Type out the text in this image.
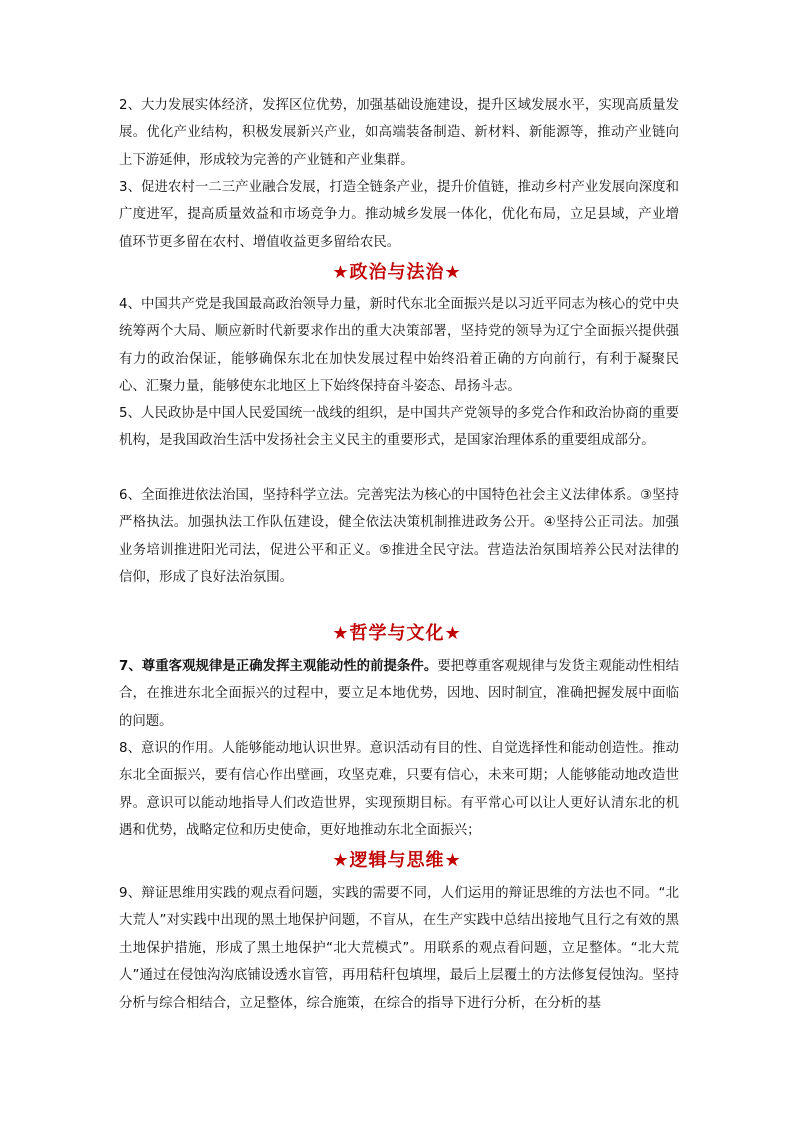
2、大力发展实体经济，发挥区位优势，加强基础设施建设，提升区域发展水平，实现高质量发展。优化产业结构，积极发展新兴产业，如高端装备制造、新材料、新能源等，推动产业链向上下游延伸，形成较为完善的产业链和产业集群。

3、促进农村一二三产业融合发展，打造全链条产业，提升价值链，推动乡村产业发展向深度和广度进军，提高质量效益和市场竞争力。推动城乡发展一体化，优化布局，立足县域，产业增值环节更多留在农村、增值收益更多留给农民。

★政治与法治★

4、中国共产党是我国最高政治领导力量，新时代东北全面振兴是以习近平同志为核心的党中央统筹两个大局、顺应新时代新要求作出的重大决策部署，坚持党的领导为辽宁全面振兴提供强有力的政治保证，能够确保东北在加快发展过程中始终沿着正确的方向前行，有利于凝聚民心、汇聚力量，能够使东北地区上下始终保持奋斗姿态、昂扬斗志。

5、人民政协是中国人民爱国统一战线的组织，是中国共产党领导的多党合作和政治协商的重要机构，是我国政治生活中发扬社会主义民主的重要形式，是国家治理体系的重要组成部分。

6、全面推进依法治国，坚持科学立法。完善宪法为核心的中国特色社会主义法律体系。③坚持严格执法。加强执法工作队伍建设，健全依法决策机制推进政务公开。④坚持公正司法。加强业务培训推进阳光司法，促进公平和正义。⑤推进全民守法。营造法治氛围培养公民对法律的信仰，形成了良好法治氛围。

★哲学与文化★

7、尊重客观规律是正确发挥主观能动性的前提条件。要把尊重客观规律与发货主观能动性相结合，在推进东北全面振兴的过程中，要立足本地优势，因地、因时制宜，准确把握发展中面临的问题。

8、意识的作用。人能够能动地认识世界。意识活动有目的性、自觉选择性和能动创造性。推动东北全面振兴，要有信心作出壁画，攻坚克难，只要有信心，未来可期；人能够能动地改造世界。意识可以能动地指导人们改造世界，实现预期目标。有平常心可以让人更好认清东北的机遇和优势，战略定位和历史使命，更好地推动东北全面振兴；

★逻辑与思维★

9、辩证思维用实践的观点看问题，实践的需要不同，人们运用的辩证思维的方法也不同。“北大荒人”对实践中出现的黑土地保护问题，不盲从，在生产实践中总结出接地气且行之有效的黑土地保护措施，形成了黑土地保护“北大荒模式”。用联系的观点看问题，立足整体。“北大荒人”通过在侵蚀沟沟底铺设透水盲管，再用秸秆包填埋，最后上层覆土的方法修复侵蚀沟。坚持分析与综合相结合，立足整体，综合施策，在综合的指导下进行分析，在分析的基
